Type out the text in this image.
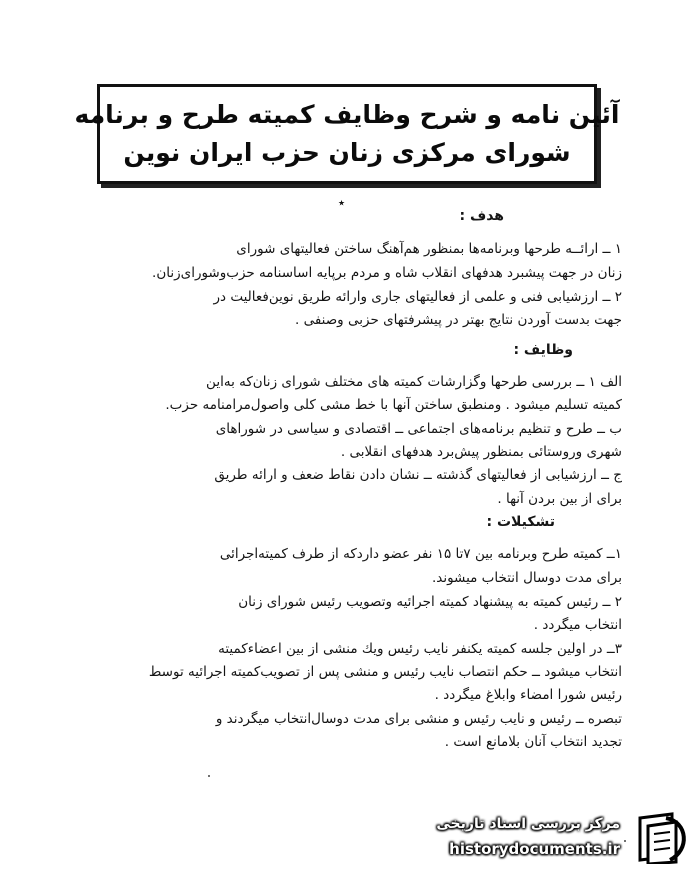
آئین نامه و شرح وظایف کمیته طرح و برنامه
شورای مرکزی زنان حزب ایران نوین
٭
هدف :
۱ ــ ارائــه طرحها وبرنامه‌ها بمنظور هم‌آهنگ ساختن فعالیتهای شورای
زنان در جهت پیشبرد هدفهای انقلاب شاه و مردم برپایه اساسنامه حزب‌وشورای‌زنان.
۲ ــ ارزشیابی فنی و علمی از فعالیتهای جاری وارائه طریق نوین‌فعالیت در
جهت بدست آوردن نتایج بهتر در پیشرفتهای حزبی وصنفی .
وظایف :
الف ۱ ــ بررسی طرحها وگزارشات کمیته های مختلف شورای زنان‌که به‌این
کمیته تسلیم میشود . ومنطبق ساختن آنها با خط مشی کلی واصول‌مرامنامه حزب.
ب ــ طرح و تنظیم برنامه‌های اجتماعی ــ اقتصادی و سیاسی در شوراهای
شهری وروستائی بمنظور پیش‌برد هدفهای انقلابی .
ج ــ ارزشیابی از فعالیتهای گذشته ــ نشان دادن نقاط ضعف و ارائه طریق
برای از بین بردن آنها .
تشکیلات :
۱ــ کمیته طرح وبرنامه بین ۷تا ۱۵ نفر عضو داردکه از طرف کمیته‌اجرائی
برای مدت دوسال انتخاب میشوند.
۲ ــ رئیس کمیته به پیشنهاد کمیته اجرائیه وتصویب رئیس شورای زنان
انتخاب میگردد .
۳ــ در اولین جلسه کمیته یکنفر نایب رئیس ویك منشی از بین اعضاءکمیته
انتخاب میشود ــ حکم انتصاب نایب رئیس و منشی پس از تصویب‌کمیته اجرائیه توسط
رئیس شورا امضاء وابلاغ میگردد .
تبصره ــ رئیس و نایب رئیس و منشی برای مدت دوسال‌انتخاب میگردند و
تجدید انتخاب آنان بلامانع است .
مرکز بررسی اسناد تاریخی
historydocuments.ir
